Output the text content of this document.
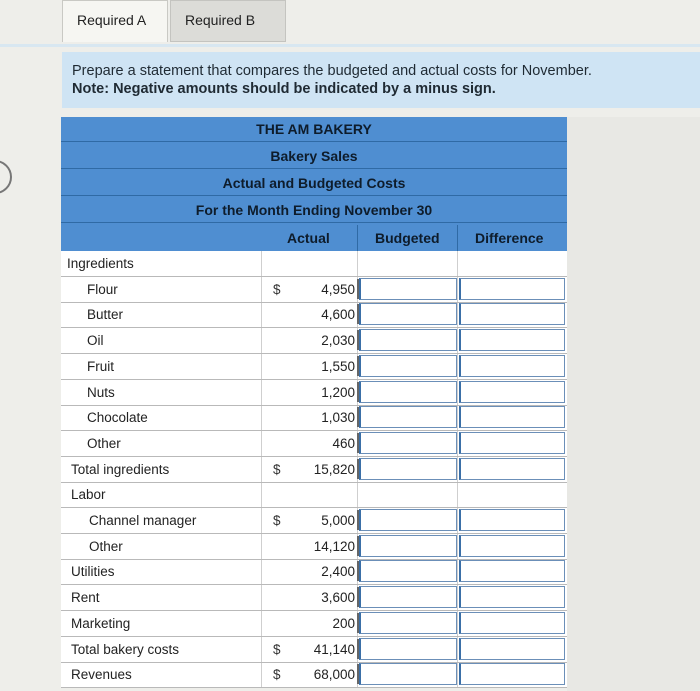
Required A	Required B
Prepare a statement that compares the budgeted and actual costs for November.
Note: Negative amounts should be indicated by a minus sign.
THE AM BAKERY
Bakery Sales
Actual and Budgeted Costs
For the Month Ending November 30
Actual	Budgeted	Difference
Ingredients
Flour	$	4,950
Butter	4,600
Oil	2,030
Fruit	1,550
Nuts	1,200
Chocolate	1,030
Other	460
Total ingredients	$	15,820
Labor
Channel manager	$	5,000
Other	14,120
Utilities	2,400
Rent	3,600
Marketing	200
Total bakery costs	$	41,140
Revenues	$	68,000
